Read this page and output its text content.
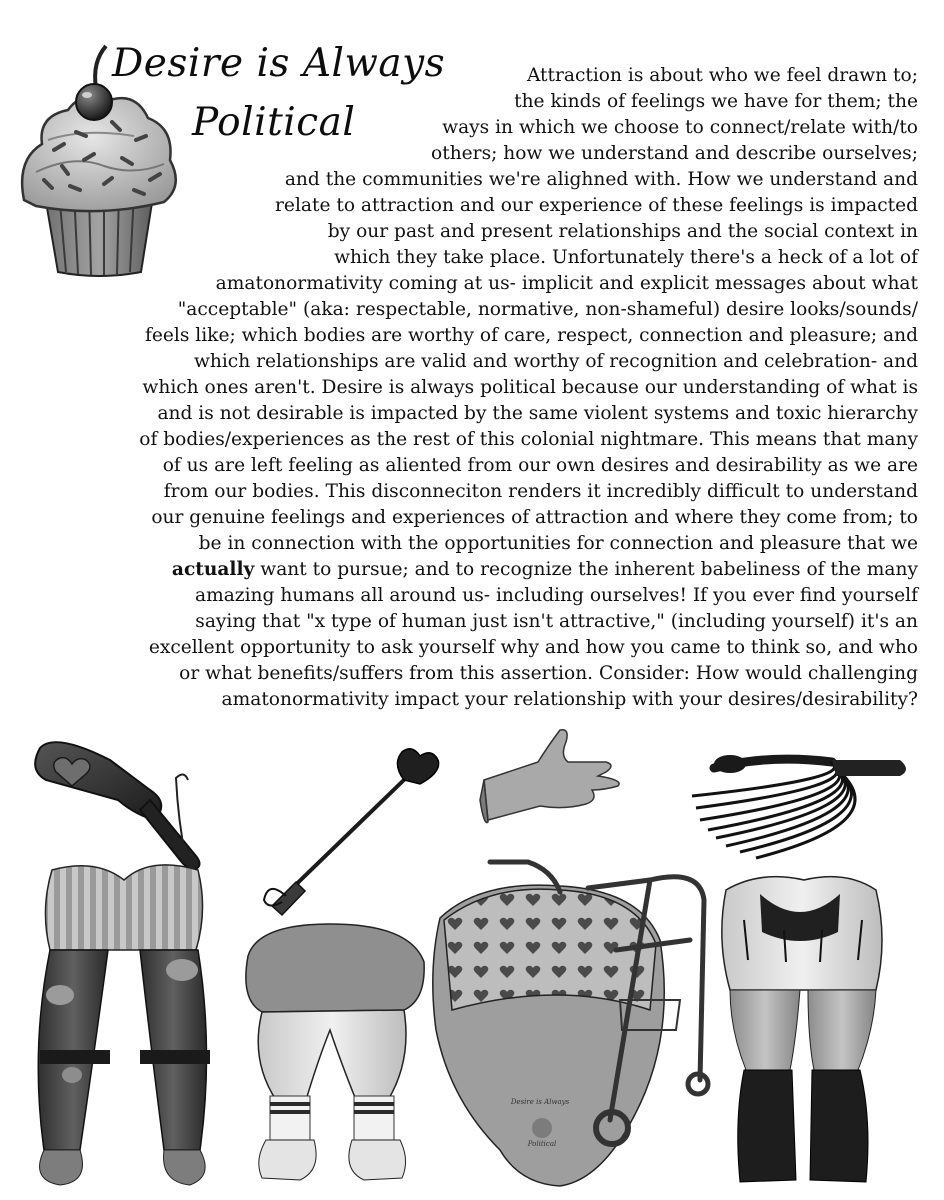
Desire is Always
Political

Attraction is about who we feel drawn to;

the kinds of feelings we have for them; the

ways in which we choose to connect/relate with/to

others; how we understand and describe ourselves;

and the communities we're alighned with. How we understand and

relate to attraction and our experience of these feelings is impacted

by our past and present relationships and the social context in

which they take place. Unfortunately there's a heck of a lot of

amatonormativity coming at us- implicit and explicit messages about what

"acceptable" (aka: respectable, normative, non-shameful) desire looks/sounds/

feels like; which bodies are worthy of care, respect, connection and pleasure; and

which relationships are valid and worthy of recognition and celebration- and

which ones aren't. Desire is always political because our understanding of what is

and is not desirable is impacted by the same violent systems and toxic hierarchy

of bodies/experiences as the rest of this colonial nightmare. This means that many

of us are left feeling as aliented from our own desires and desirability as we are

from our bodies. This disconneciton renders it incredibly difficult to understand

our genuine feelings and experiences of attraction and where they come from; to

be in connection with the opportunities for connection and pleasure that we

actually want to pursue; and to recognize the inherent babeliness of the many

amazing humans all around us- including ourselves! If you ever find yourself

saying that "x type of human just isn't attractive," (including yourself) it's an

excellent opportunity to ask yourself why and how you came to think so, and who

or what benefits/suffers from this assertion. Consider: How would challenging

amatonormativity impact your relationship with your desires/desirability?

Desire is Always
Political
